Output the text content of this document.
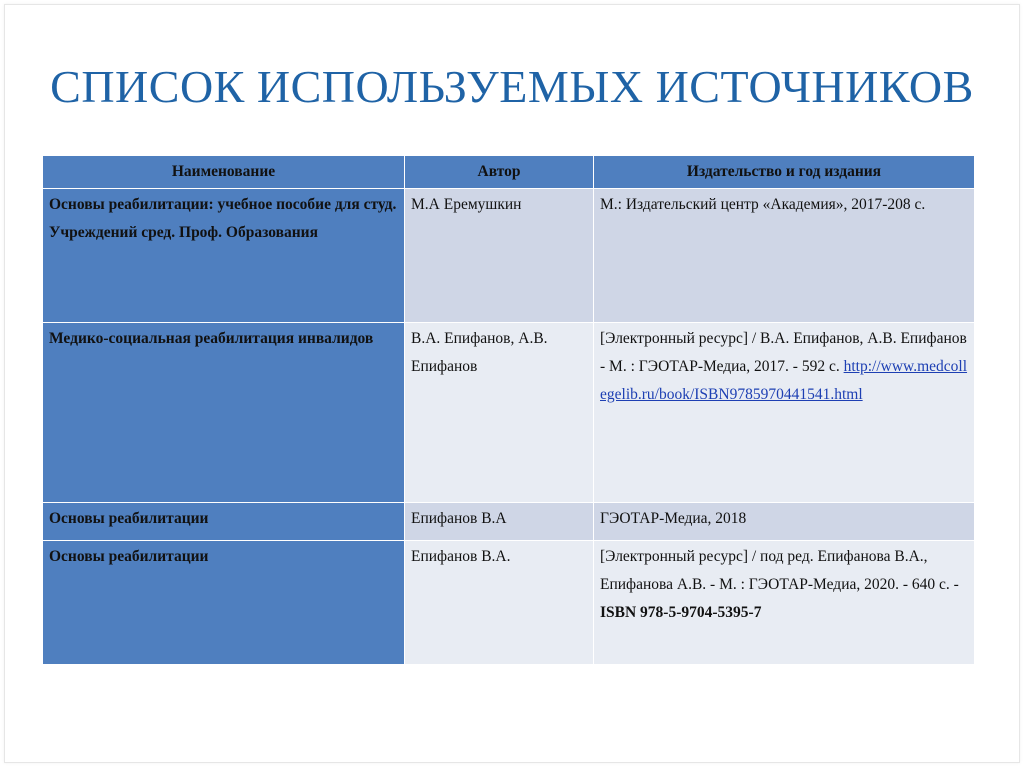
СПИСОК ИСПОЛЬЗУЕМЫХ ИСТОЧНИКОВ
Наименование	Автор	Издательство и год издания
Основы реабилитации: учебное пособие для студ. Учреждений сред. Проф. Образования	М.А Еремушкин	М.: Издательский центр «Академия», 2017-208 с.
Медико-социальная реабилитация инвалидов	В.А. Епифанов, А.В. Епифанов	[Электронный ресурс] / В.А. Епифанов, А.В. Епифанов - М. : ГЭОТАР-Медиа, 2017. - 592 с. http://www.medcollegelib.ru/book/ISBN9785970441541.html
Основы реабилитации	Епифанов В.А	ГЭОТАР-Медиа, 2018
Основы реабилитации	Епифанов В.А.	[Электронный ресурс] / под ред. Епифанова В.А., Епифанова А.В. - М. : ГЭОТАР-Медиа, 2020. - 640 с. - ISBN 978-5-9704-5395-7
